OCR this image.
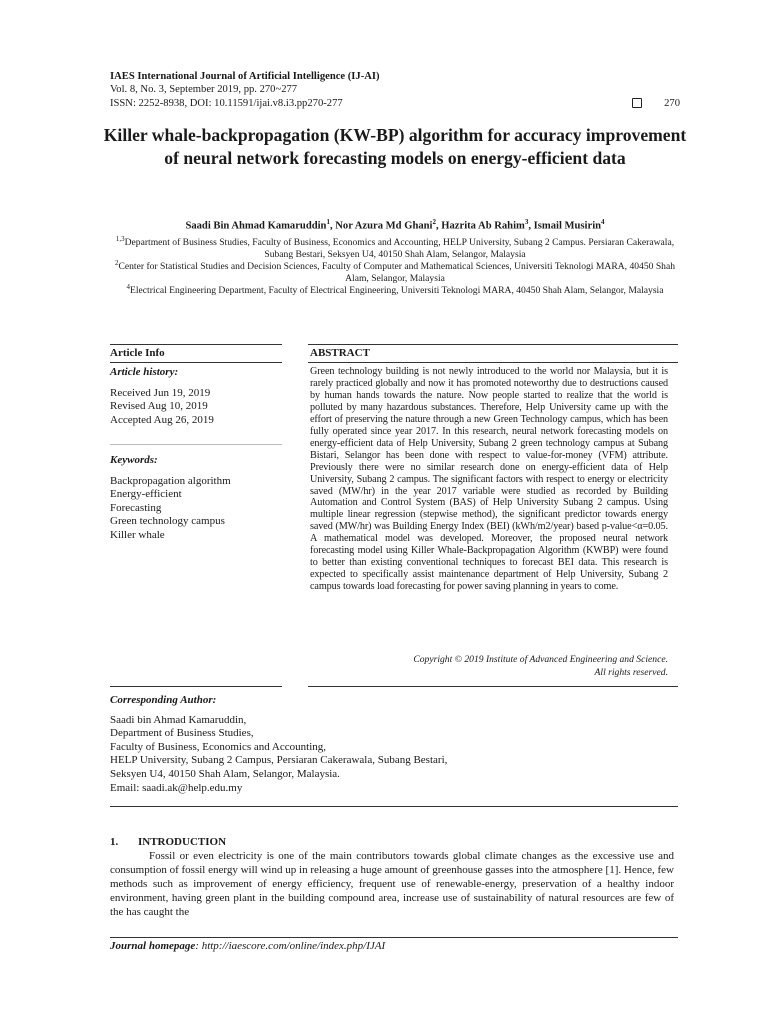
IAES International Journal of Artificial Intelligence (IJ-AI)
Vol. 8, No. 3, September 2019, pp. 270~277
ISSN: 2252-8938, DOI: 10.11591/ijai.v8.i3.pp270-277	270
Killer whale-backpropagation (KW-BP) algorithm for accuracy improvement of neural network forecasting models on energy-efficient data
Saadi Bin Ahmad Kamaruddin$^1$, Nor Azura Md Ghani$^2$, Hazrita Ab Rahim$^3$, Ismail Musirin$^4$
$^{1,3}$Department of Business Studies, Faculty of Business, Economics and Accounting, HELP University, Subang 2 Campus. Persiaran Cakerawala, Subang Bestari, Seksyen U4, 40150 Shah Alam, Selangor, Malaysia
$^2$Center for Statistical Studies and Decision Sciences, Faculty of Computer and Mathematical Sciences, Universiti Teknologi MARA, 40450 Shah Alam, Selangor, Malaysia
$^4$Electrical Engineering Department, Faculty of Electrical Engineering, Universiti Teknologi MARA, 40450 Shah Alam, Selangor, Malaysia
Article Info	ABSTRACT
Article history:
Received Jun 19, 2019
Revised Aug 10, 2019
Accepted Aug 26, 2019
Keywords:
Backpropagation algorithm
Energy-efficient
Forecasting
Green technology campus
Killer whale
Green technology building is not newly introduced to the world nor Malaysia, but it is rarely practiced globally and now it has promoted noteworthy due to destructions caused by human hands towards the nature. Now people started to realize that the world is polluted by many hazardous substances. Therefore, Help University came up with the effort of preserving the nature through a new Green Technology campus, which has been fully operated since year 2017. In this research, neural network forecasting models on energy-efficient data of Help University, Subang 2 green technology campus at Subang Bistari, Selangor has been done with respect to value-for-money (VFM) attribute. Previously there were no similar research done on energy-efficient data of Help University, Subang 2 campus. The significant factors with respect to energy or electricity saved (MW/hr) in the year 2017 variable were studied as recorded by Building Automation and Control System (BAS) of Help University Subang 2 campus. Using multiple linear regression (stepwise method), the significant predictor towards energy saved (MW/hr) was Building Energy Index (BEI) (kWh/m2/year) based p-value<α=0.05. A mathematical model was developed. Moreover, the proposed neural network forecasting model using Killer Whale-Backpropagation Algorithm (KWBP) were found to better than existing conventional techniques to forecast BEI data. This research is expected to specifically assist maintenance department of Help University, Subang 2 campus towards load forecasting for power saving planning in years to come.
Copyright © 2019 Institute of Advanced Engineering and Science.
All rights reserved.
Corresponding Author:
Saadi bin Ahmad Kamaruddin,
Department of Business Studies,
Faculty of Business, Economics and Accounting,
HELP University, Subang 2 Campus, Persiaran Cakerawala, Subang Bestari,
Seksyen U4, 40150 Shah Alam, Selangor, Malaysia.
Email: saadi.ak@help.edu.my
1. INTRODUCTION
Fossil or even electricity is one of the main contributors towards global climate changes as the excessive use and consumption of fossil energy will wind up in releasing a huge amount of greenhouse gasses into the atmosphere [1]. Hence, few methods such as improvement of energy efficiency, frequent use of renewable-energy, preservation of a healthy indoor environment, having green plant in the building compound area, increase use of sustainability of natural resources are few of the has caught the
Journal homepage: http://iaescore.com/online/index.php/IJAI
